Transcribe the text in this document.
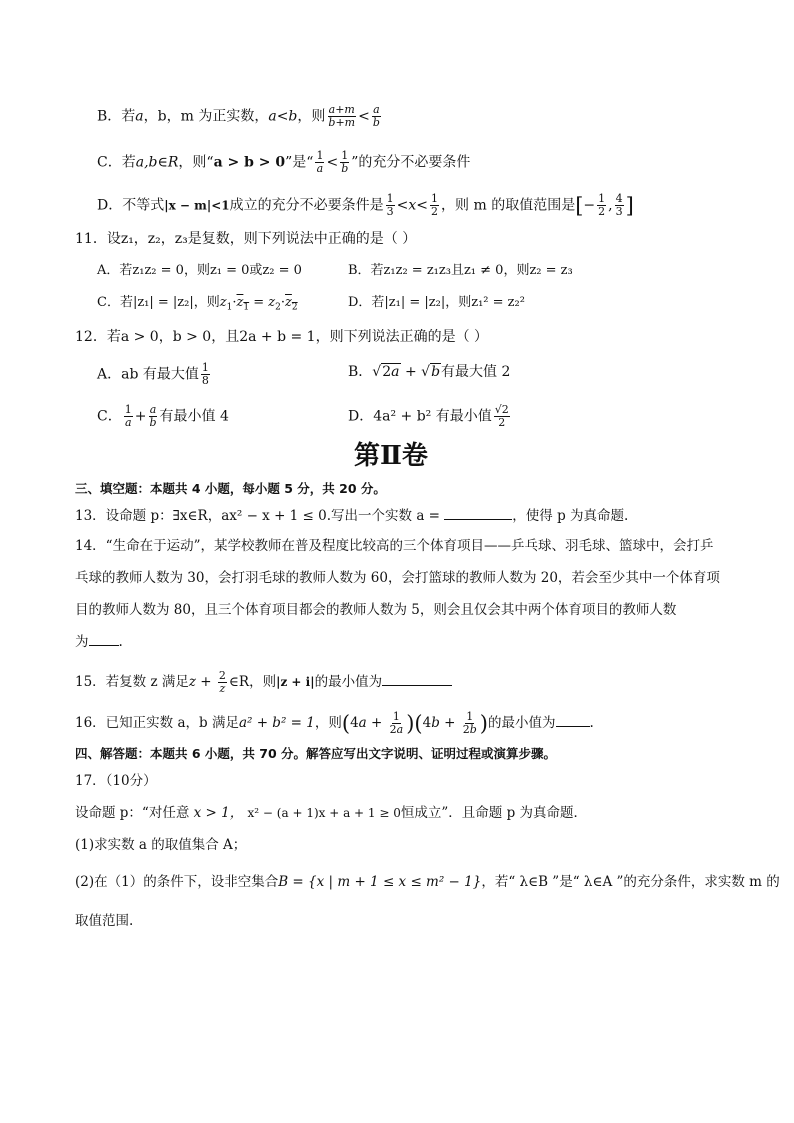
B．若a，b，m 为正实数，a<b，则 $\frac{a+m}{b+m} < \frac{a}{b}$
C．若a,b∈R，则“a > b > 0”是“ $\frac{1}{a} < \frac{1}{b}$ ”的充分不必要条件
D．不等式|x − m|<1成立的充分不必要条件是 $\frac{1}{3} <x< \frac{1}{2}$ ，则 m 的取值范围是[− $\frac{1}{2}$ , $\frac{4}{3}$ ]
11．设z₁，z₂，z₃是复数，则下列说法中正确的是（ ）
A．若z₁z₂ = 0，则z₁ = 0或z₂ = 0	B．若z₁z₂ = z₁z₃且z₁ ≠ 0，则z₂ = z₃
C．若|z₁| = |z₂|，则$z_1\cdot z_1 = z_2\cdot z_2$	D．若|z₁| = |z₂|，则z₁² = z₂²
12．若a > 0，b > 0，且2a + b = 1，则下列说法正确的是（ ）
A．ab 有最大值 $\frac{1}{8}$	B．√2a + √b有最大值 2
C． $\frac{1}{a} + \frac{a}{b}$ 有最小值 4	D．4a² + b² 有最小值 $\frac{√2}{2}$
第Ⅱ卷
三、填空题：本题共 4 小题，每小题 5 分，共 20 分。
13．设命题 p：∃x∈R，ax² − x + 1 ≤ 0.写出一个实数 a =	，使得 p 为真命题.
14．“生命在于运动”，某学校教师在普及程度比较高的三个体育项目——乒乓球、羽毛球、篮球中，会打乒
乓球的教师人数为 30，会打羽毛球的教师人数为 60，会打篮球的教师人数为 20，若会至少其中一个体育项
目的教师人数为 80，且三个体育项目都会的教师人数为 5，则会且仅会其中两个体育项目的教师人数
为 .
15．若复数 z 满足$z + \frac{2}{z}$ ∈R，则|z + i|的最小值为
16．已知正实数 a，b 满足a² + b² = 1，则$(4a + \frac{1}{2a} )(4b + \frac{1}{2b}$ )的最小值为	.
四、解答题：本题共 6 小题，共 70 分。解答应写出文字说明、证明过程或演算步骤。
17．（10分）
设命题 p：“对任意 x > 1， x² − (a + 1)x + a + 1 ≥ 0恒成立”．且命题 p 为真命题．
(1)求实数 a 的取值集合 A；
(2)在（1）的条件下，设非空集合B = {x | m + 1 ≤ x ≤ m² − 1}，若“ λ∈B ”是“ λ∈A ”的充分条件，求实数 m 的
取值范围.
